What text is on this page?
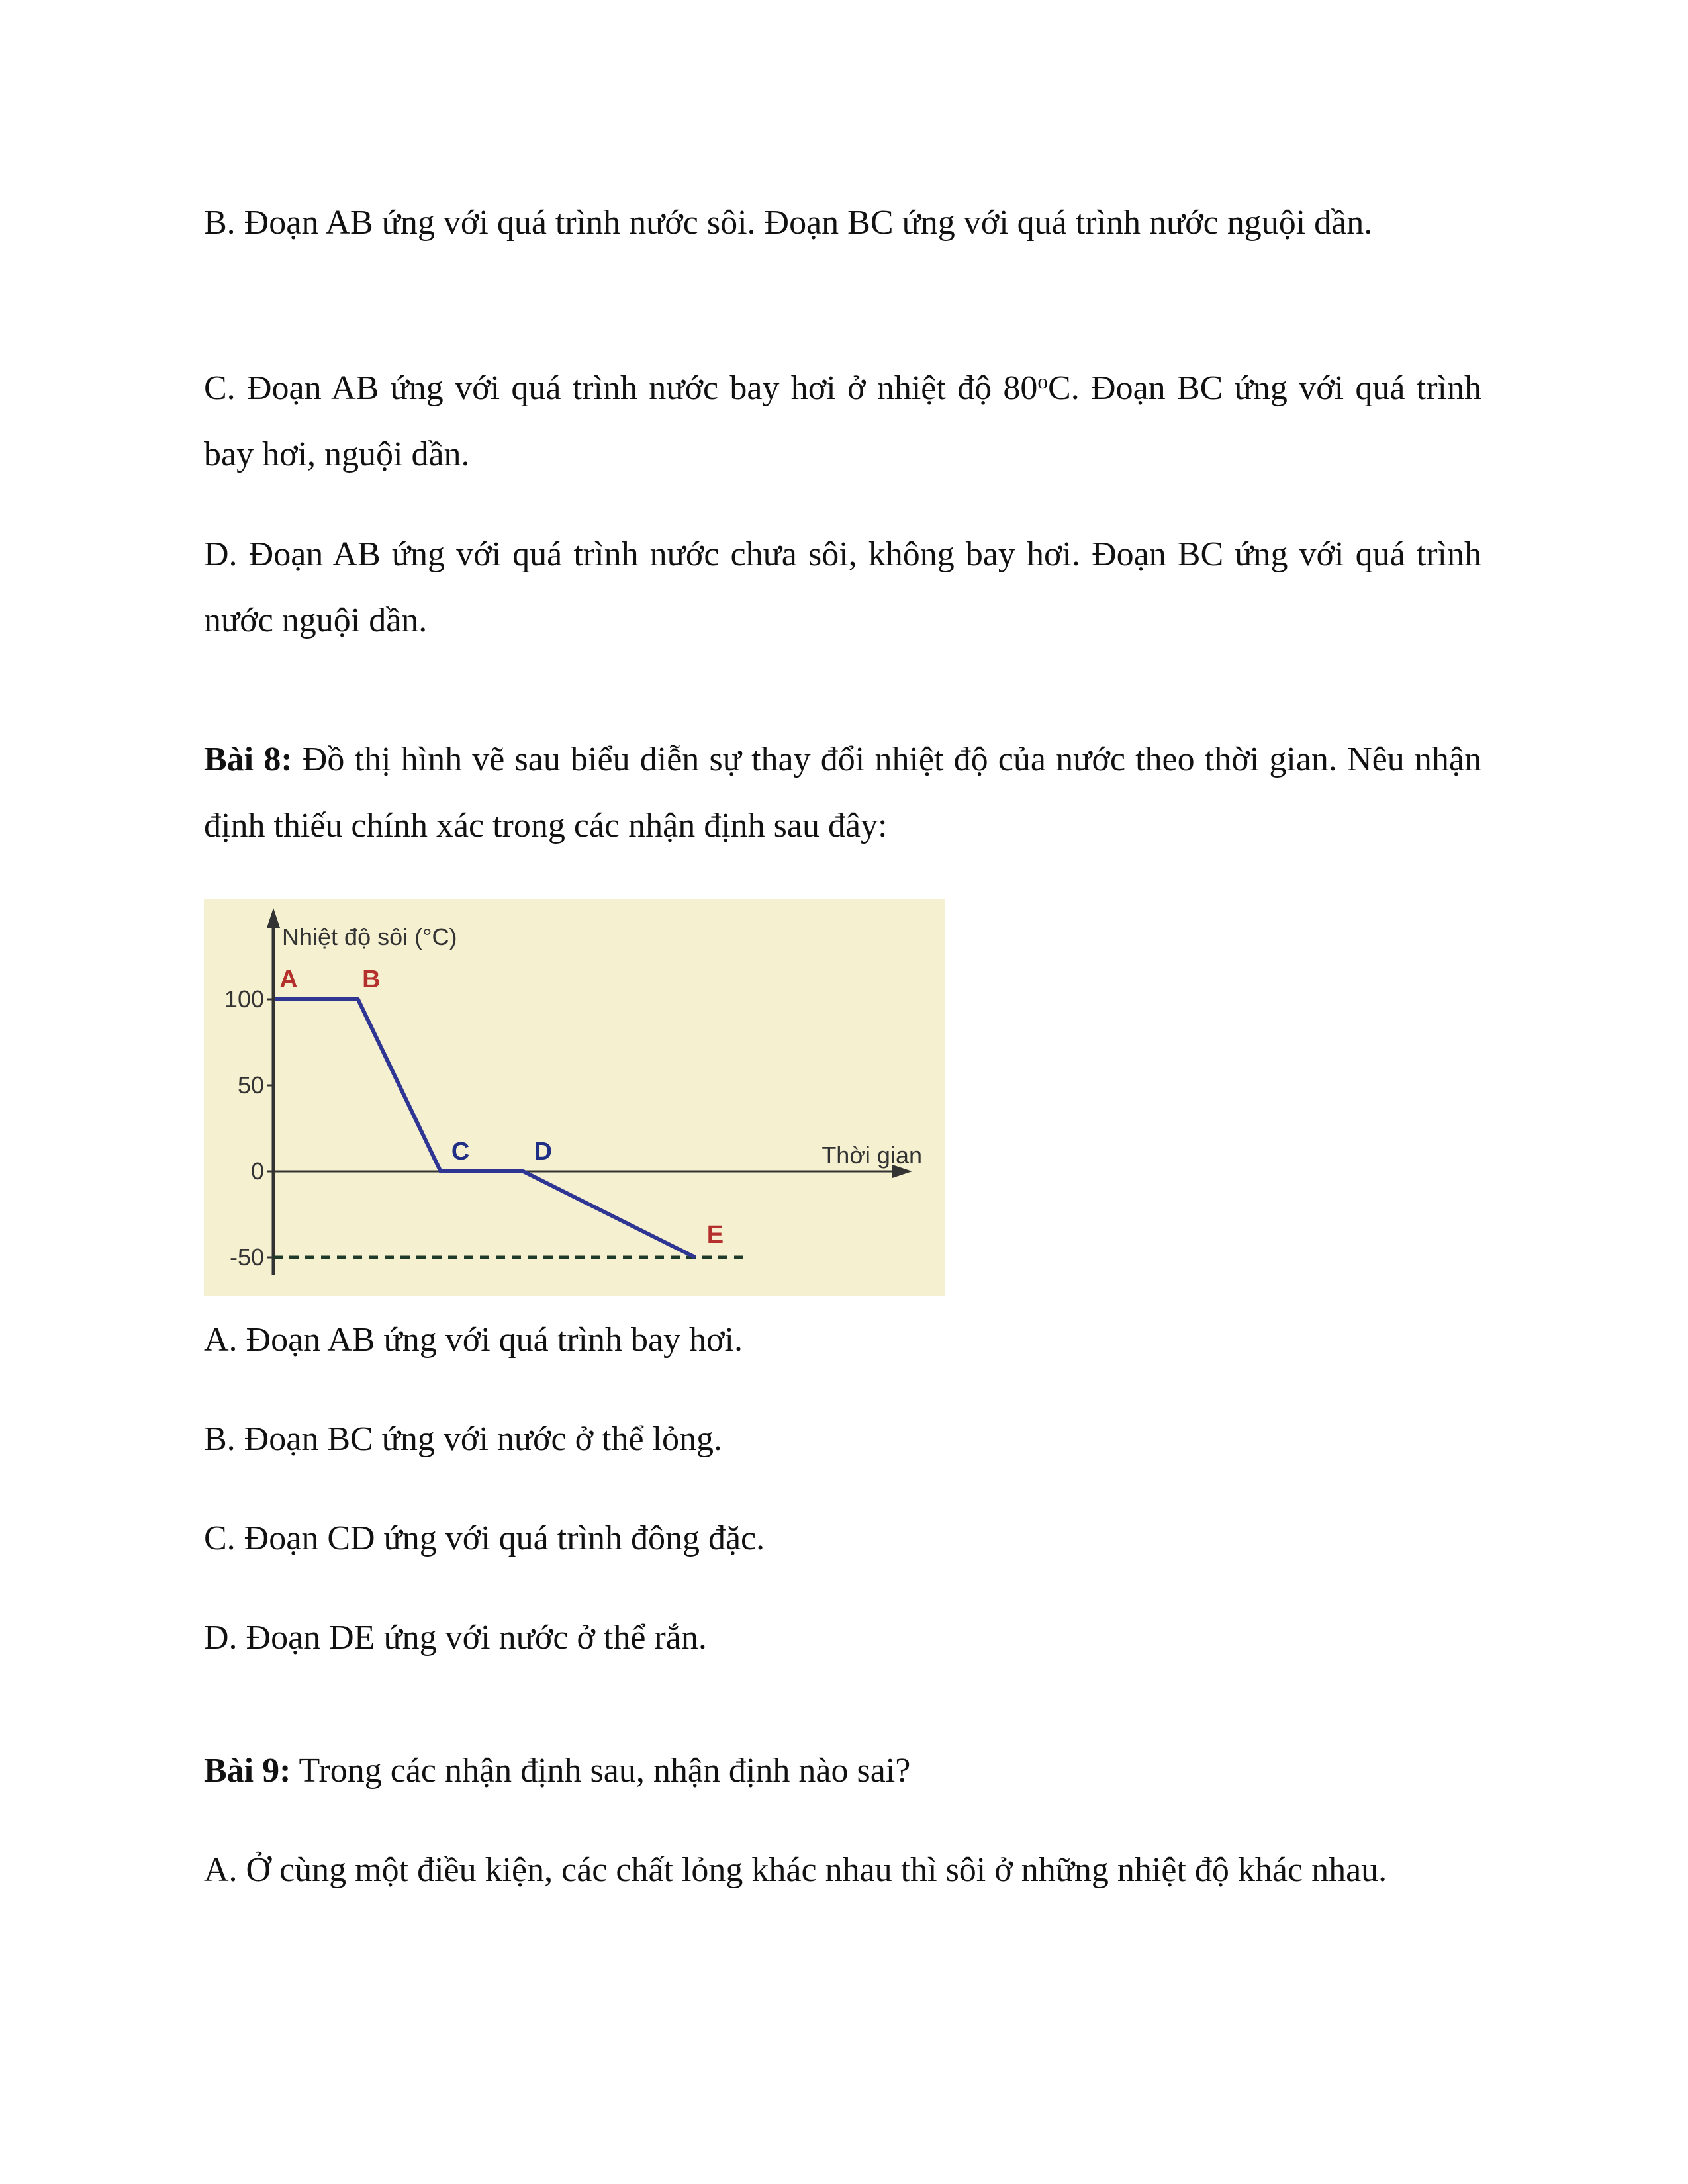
B. Đoạn AB ứng với quá trình nước sôi. Đoạn BC ứng với quá trình nước nguội dần.

C. Đoạn AB ứng với quá trình nước bay hơi ở nhiệt độ 80$^o$C. Đoạn BC ứng với quá trình bay hơi, nguội dần.

D. Đoạn AB ứng với quá trình nước chưa sôi, không bay hơi. Đoạn BC ứng với quá trình nước nguội dần.

Bài 8: Đồ thị hình vẽ sau biểu diễn sự thay đổi nhiệt độ của nước theo thời gian. Nêu nhận định thiếu chính xác trong các nhận định sau đây:

100
50
0
-50
A	B
C	D
E
Nhiệt độ sôi (°C)
Thời gian

A. Đoạn AB ứng với quá trình bay hơi.

B. Đoạn BC ứng với nước ở thể lỏng.

C. Đoạn CD ứng với quá trình đông đặc.

D. Đoạn DE ứng với nước ở thể rắn.

Bài 9: Trong các nhận định sau, nhận định nào sai?

A. Ở cùng một điều kiện, các chất lỏng khác nhau thì sôi ở những nhiệt độ khác nhau.
